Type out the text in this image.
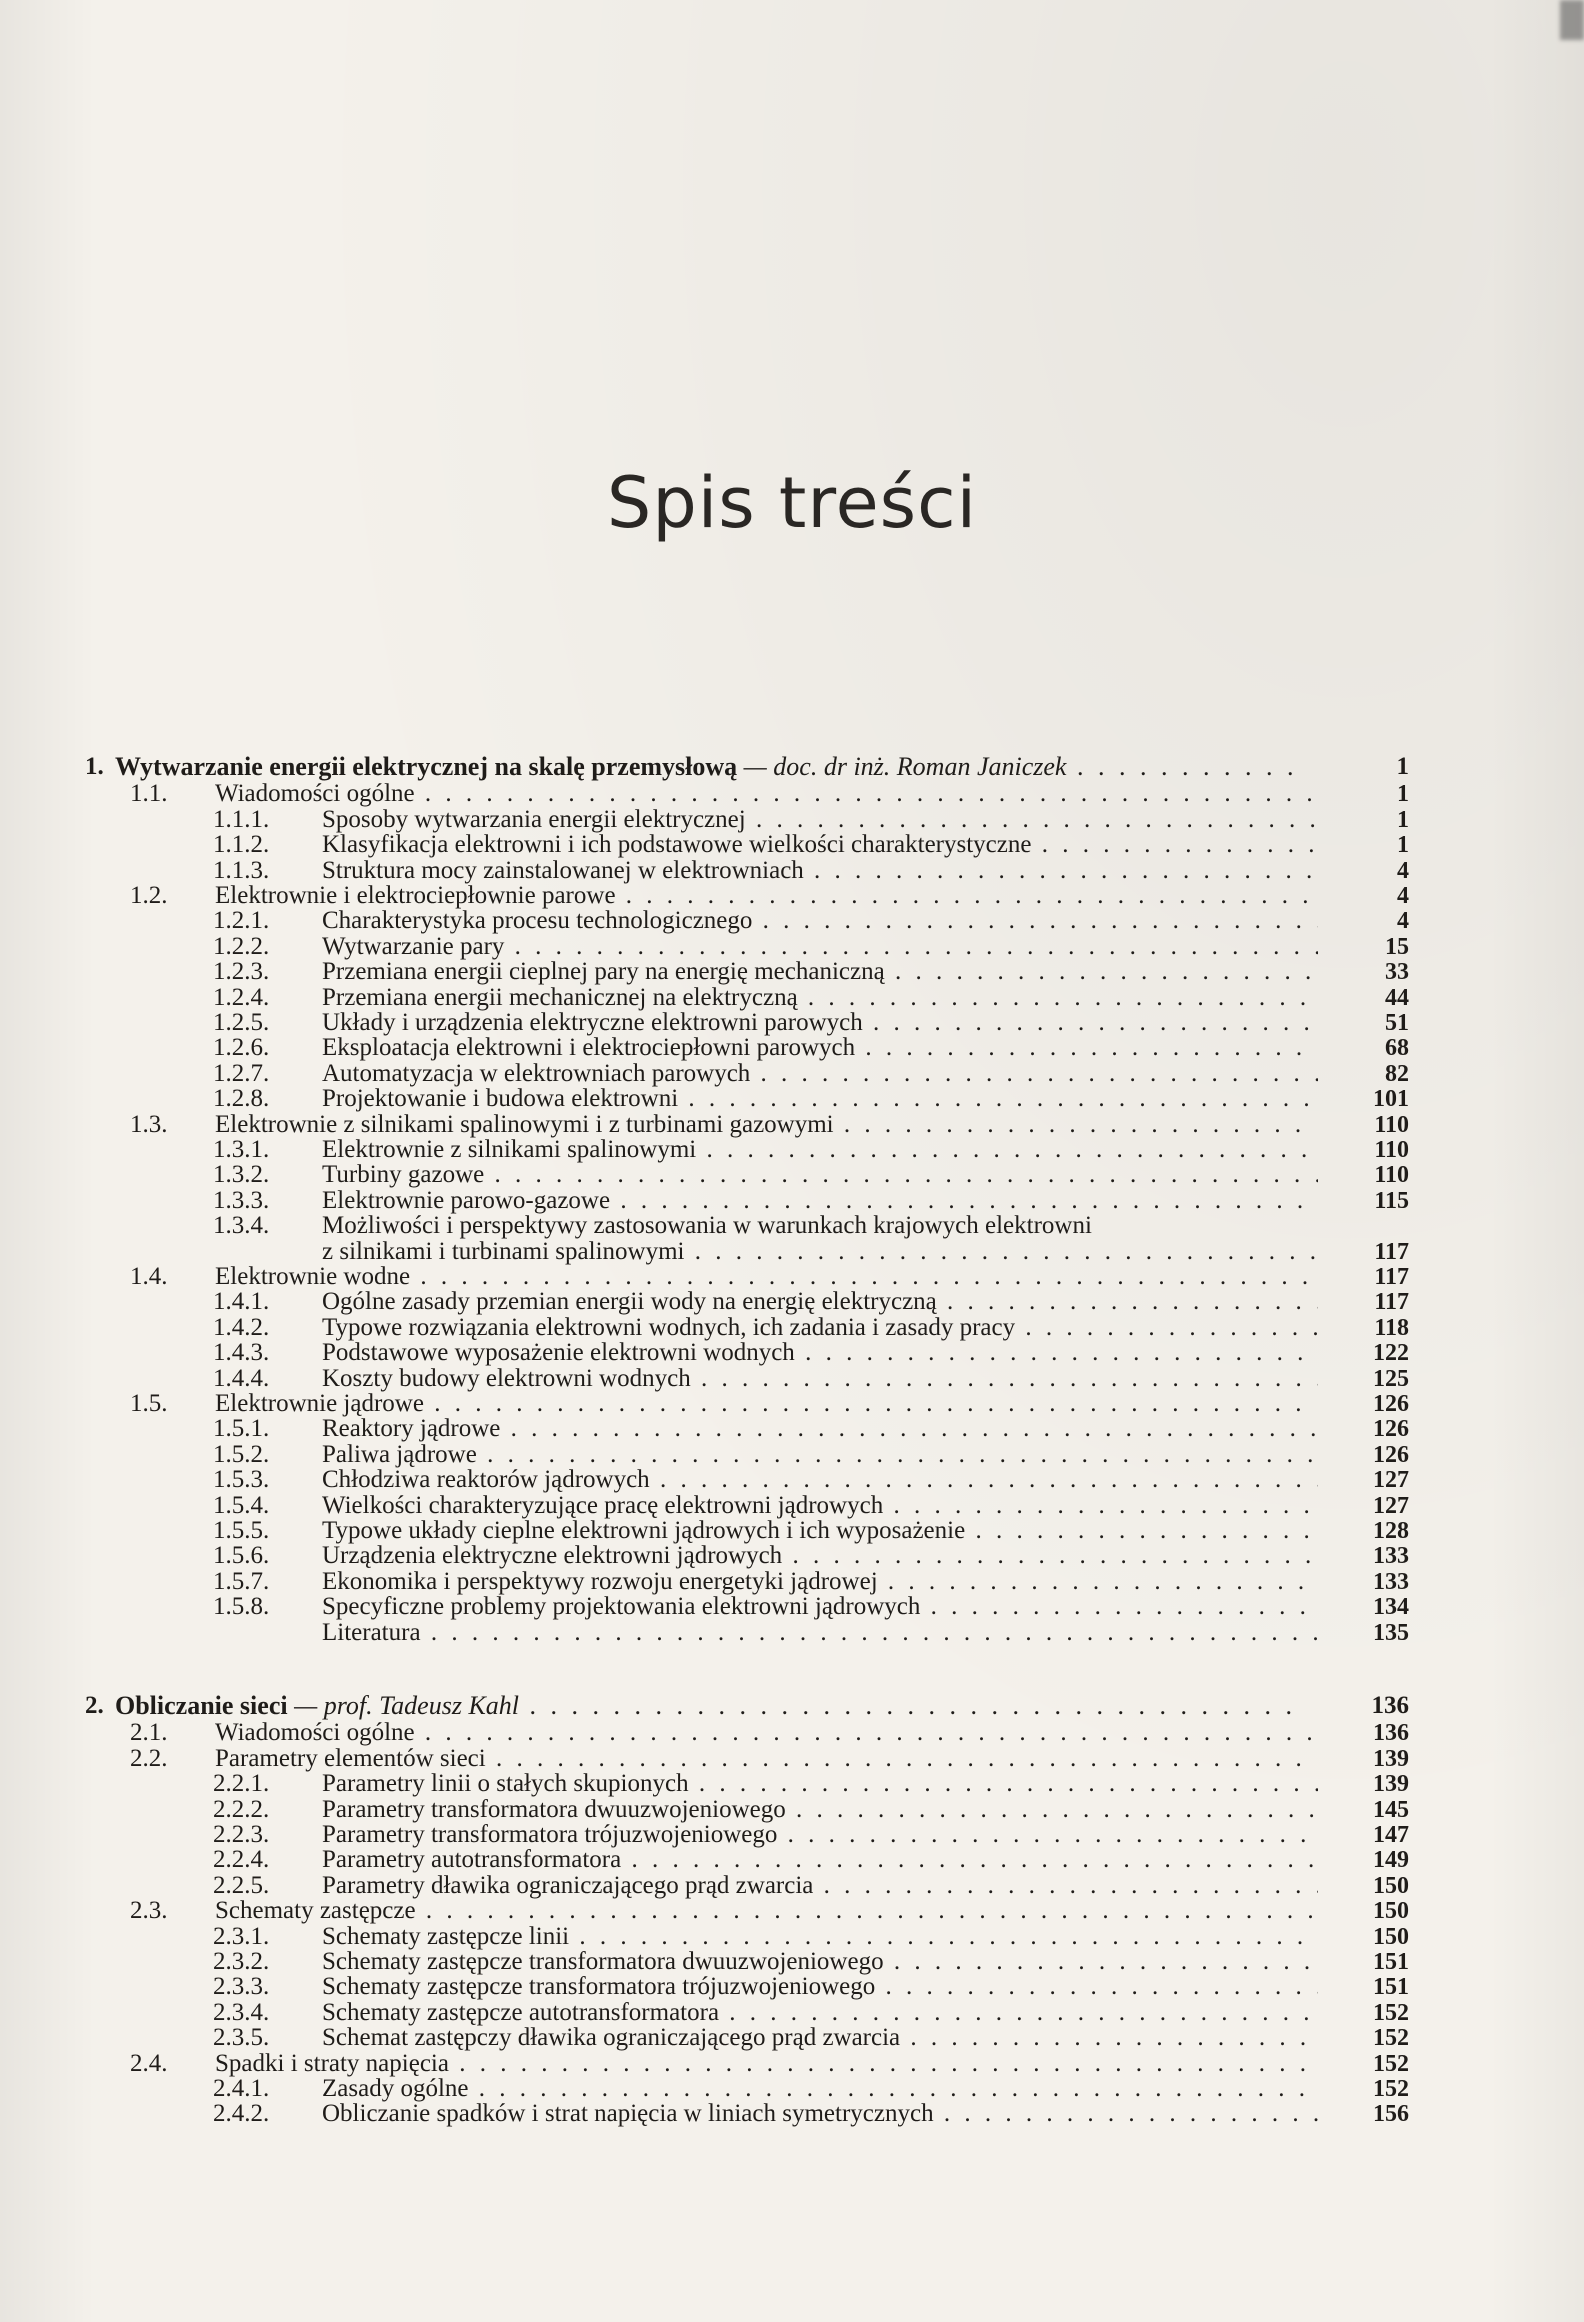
Spis treści
1. Wytwarzanie energii elektrycznej na skalę przemysłową — doc. dr inż. Roman Janiczek . . .	1
1.1. Wiadomości ogólne . . .	1
1.1.1. Sposoby wytwarzania energii elektrycznej . . .	1
1.1.2. Klasyfikacja elektrowni i ich podstawowe wielkości charakterystyczne . . .	1
1.1.3. Struktura mocy zainstalowanej w elektrowniach . . .	4
1.2. Elektrownie i elektrociepłownie parowe . . .	4
1.2.1. Charakterystyka procesu technologicznego . . .	4
1.2.2. Wytwarzanie pary . . .	15
1.2.3. Przemiana energii cieplnej pary na energię mechaniczną . . .	33
1.2.4. Przemiana energii mechanicznej na elektryczną . . .	44
1.2.5. Układy i urządzenia elektryczne elektrowni parowych . . .	51
1.2.6. Eksploatacja elektrowni i elektrociepłowni parowych . . .	68
1.2.7. Automatyzacja w elektrowniach parowych . . .	82
1.2.8. Projektowanie i budowa elektrowni . . .	101
1.3. Elektrownie z silnikami spalinowymi i z turbinami gazowymi . . .	110
1.3.1. Elektrownie z silnikami spalinowymi . . .	110
1.3.2. Turbiny gazowe . . .	110
1.3.3. Elektrownie parowo-gazowe . . .	115
1.3.4. Możliwości i perspektywy zastosowania w warunkach krajowych elektrowni
z silnikami i turbinami spalinowymi . . .	117
1.4. Elektrownie wodne . . .	117
1.4.1. Ogólne zasady przemian energii wody na energię elektryczną . . .	117
1.4.2. Typowe rozwiązania elektrowni wodnych, ich zadania i zasady pracy . . .	118
1.4.3. Podstawowe wyposażenie elektrowni wodnych . . .	122
1.4.4. Koszty budowy elektrowni wodnych . . .	125
1.5. Elektrownie jądrowe . . .	126
1.5.1. Reaktory jądrowe . . .	126
1.5.2. Paliwa jądrowe . . .	126
1.5.3. Chłodziwa reaktorów jądrowych . . .	127
1.5.4. Wielkości charakteryzujące pracę elektrowni jądrowych . . .	127
1.5.5. Typowe układy cieplne elektrowni jądrowych i ich wyposażenie . . .	128
1.5.6. Urządzenia elektryczne elektrowni jądrowych . . .	133
1.5.7. Ekonomika i perspektywy rozwoju energetyki jądrowej . . .	133
1.5.8. Specyficzne problemy projektowania elektrowni jądrowych . . .	134
Literatura . . .	135
2. Obliczanie sieci — prof. Tadeusz Kahl . . .	136
2.1. Wiadomości ogólne . . .	136
2.2. Parametry elementów sieci . . .	139
2.2.1. Parametry linii o stałych skupionych . . .	139
2.2.2. Parametry transformatora dwuuzwojeniowego . . .	145
2.2.3. Parametry transformatora trójuzwojeniowego . . .	147
2.2.4. Parametry autotransformatora . . .	149
2.2.5. Parametry dławika ograniczającego prąd zwarcia . . .	150
2.3. Schematy zastępcze . . .	150
2.3.1. Schematy zastępcze linii . . .	150
2.3.2. Schematy zastępcze transformatora dwuuzwojeniowego . . .	151
2.3.3. Schematy zastępcze transformatora trójuzwojeniowego . . .	151
2.3.4. Schematy zastępcze autotransformatora . . .	152
2.3.5. Schemat zastępczy dławika ograniczającego prąd zwarcia . . .	152
2.4. Spadki i straty napięcia . . .	152
2.4.1. Zasady ogólne . . .	152
2.4.2. Obliczanie spadków i strat napięcia w liniach symetrycznych . . .	156
